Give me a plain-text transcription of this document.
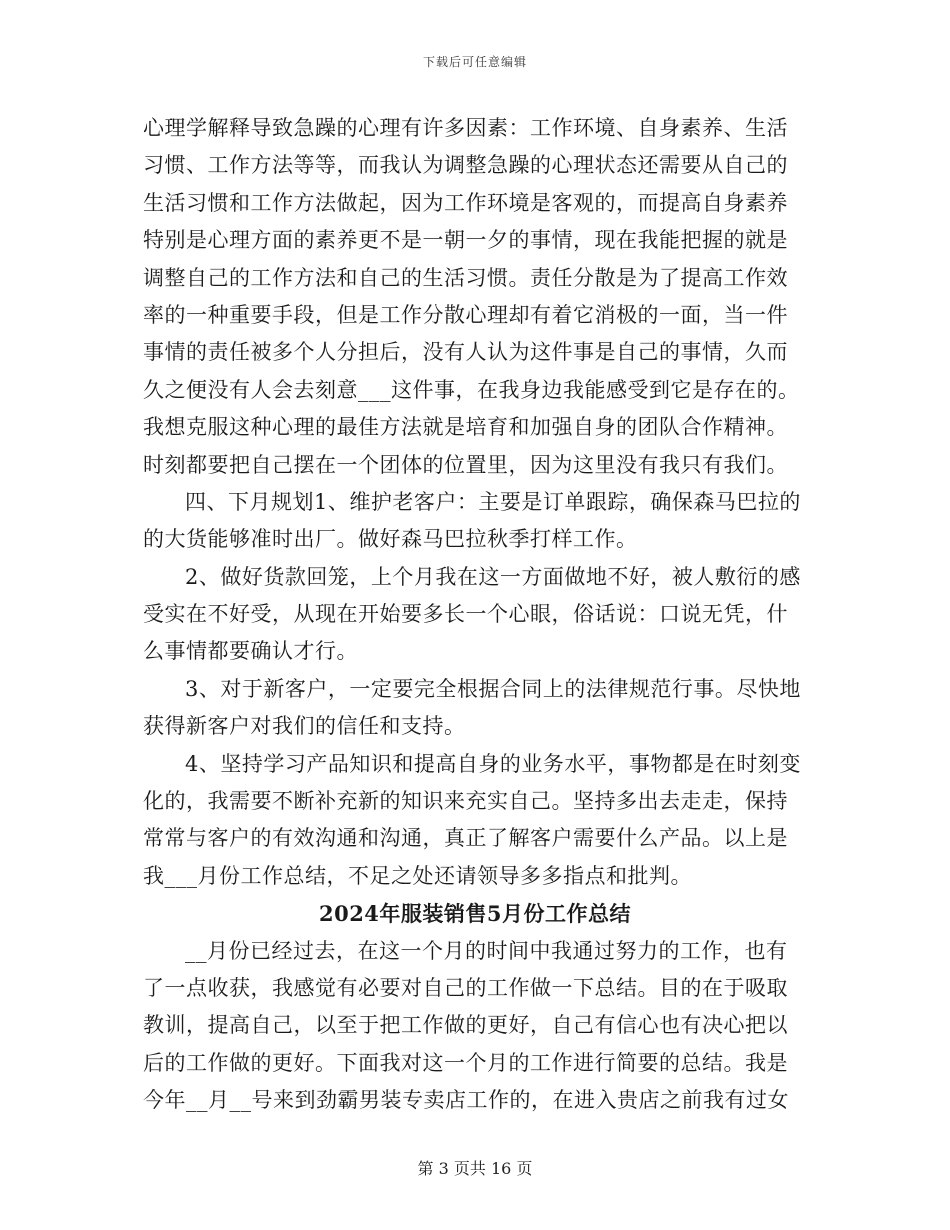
下载后可任意编辑
心理学解释导致急躁的心理有许多因素：工作环境、自身素养、生活
习惯、工作方法等等，而我认为调整急躁的心理状态还需要从自己的
生活习惯和工作方法做起，因为工作环境是客观的，而提高自身素养
特别是心理方面的素养更不是一朝一夕的事情，现在我能把握的就是
调整自己的工作方法和自己的生活习惯。责任分散是为了提高工作效
率的一种重要手段，但是工作分散心理却有着它消极的一面，当一件
事情的责任被多个人分担后，没有人认为这件事是自己的事情，久而
久之便没有人会去刻意___这件事，在我身边我能感受到它是存在的。
我想克服这种心理的最佳方法就是培育和加强自身的团队合作精神。
时刻都要把自己摆在一个团体的位置里，因为这里没有我只有我们。
四、下月规划1、维护老客户：主要是订单跟踪，确保森马巴拉的
的大货能够准时出厂。做好森马巴拉秋季打样工作。
2、做好货款回笼，上个月我在这一方面做地不好，被人敷衍的感
受实在不好受，从现在开始要多长一个心眼，俗话说：口说无凭，什
么事情都要确认才行。
3、对于新客户，一定要完全根据合同上的法律规范行事。尽快地
获得新客户对我们的信任和支持。
4、坚持学习产品知识和提高自身的业务水平，事物都是在时刻变
化的，我需要不断补充新的知识来充实自己。坚持多出去走走，保持
常常与客户的有效沟通和沟通，真正了解客户需要什么产品。以上是
我___月份工作总结，不足之处还请领导多多指点和批判。
2024年服装销售5月份工作总结
__月份已经过去，在这一个月的时间中我通过努力的工作，也有
了一点收获，我感觉有必要对自己的工作做一下总结。目的在于吸取
教训，提高自己，以至于把工作做的更好，自己有信心也有决心把以
后的工作做的更好。下面我对这一个月的工作进行简要的总结。我是
今年__月__号来到劲霸男装专卖店工作的，在进入贵店之前我有过女
第 3 页共 16 页
